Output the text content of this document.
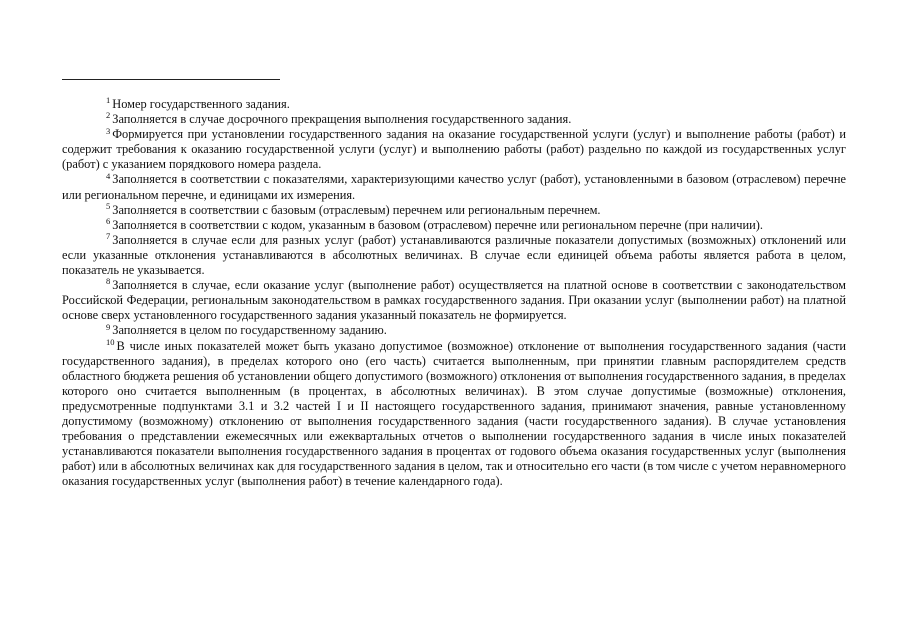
$^1$ Номер государственного задания.

$^2$ Заполняется в случае досрочного прекращения выполнения государственного задания.

$^3$ Формируется при установлении государственного задания на оказание государственной услуги (услуг) и выполнение работы (работ) и содержит требования к оказанию государственной услуги (услуг) и выполнению работы (работ) раздельно по каждой из государственных услуг (работ) с указанием порядкового номера раздела.

$^4$ Заполняется в соответствии с показателями, характеризующими качество услуг (работ), установленными в базовом (отраслевом) перечне или региональном перечне, и единицами их измерения.

$^5$ Заполняется в соответствии с базовым (отраслевым) перечнем или региональным перечнем.

$^6$ Заполняется в соответствии с кодом, указанным в базовом (отраслевом) перечне или региональном перечне (при наличии).

$^7$ Заполняется в случае если для разных услуг (работ) устанавливаются различные показатели допустимых (возможных) отклонений или если указанные отклонения устанавливаются в абсолютных величинах. В случае если единицей объема работы является работа в целом, показатель не указывается.

$^8$ Заполняется в случае, если оказание услуг (выполнение работ) осуществляется на платной основе в соответствии с законодательством Российской Федерации, региональным законодательством в рамках государственного задания. При оказании услуг (выполнении работ) на платной основе сверх установленного государственного задания указанный показатель не формируется.

$^9$ Заполняется в целом по государственному заданию.

$^{10}$ В числе иных показателей может быть указано допустимое (возможное) отклонение от выполнения государственного задания (части государственного задания), в пределах которого оно (его часть) считается выполненным, при принятии главным распорядителем средств областного бюджета решения об установлении общего допустимого (возможного) отклонения от выполнения государственного задания, в пределах которого оно считается выполненным (в процентах, в абсолютных величинах). В этом случае допустимые (возможные) отклонения, предусмотренные подпунктами 3.1 и 3.2 частей I и II настоящего государственного задания, принимают значения, равные установленному допустимому (возможному) отклонению от выполнения государственного задания (части государственного задания). В случае установления требования о представлении ежемесячных или ежеквартальных отчетов о выполнении государственного задания в числе иных показателей устанавливаются показатели выполнения государственного задания в процентах от годового объема оказания государственных услуг (выполнения работ) или в абсолютных величинах как для государственного задания в целом, так и относительно его части (в том числе с учетом неравномерного оказания государственных услуг (выполнения работ) в течение календарного года).
